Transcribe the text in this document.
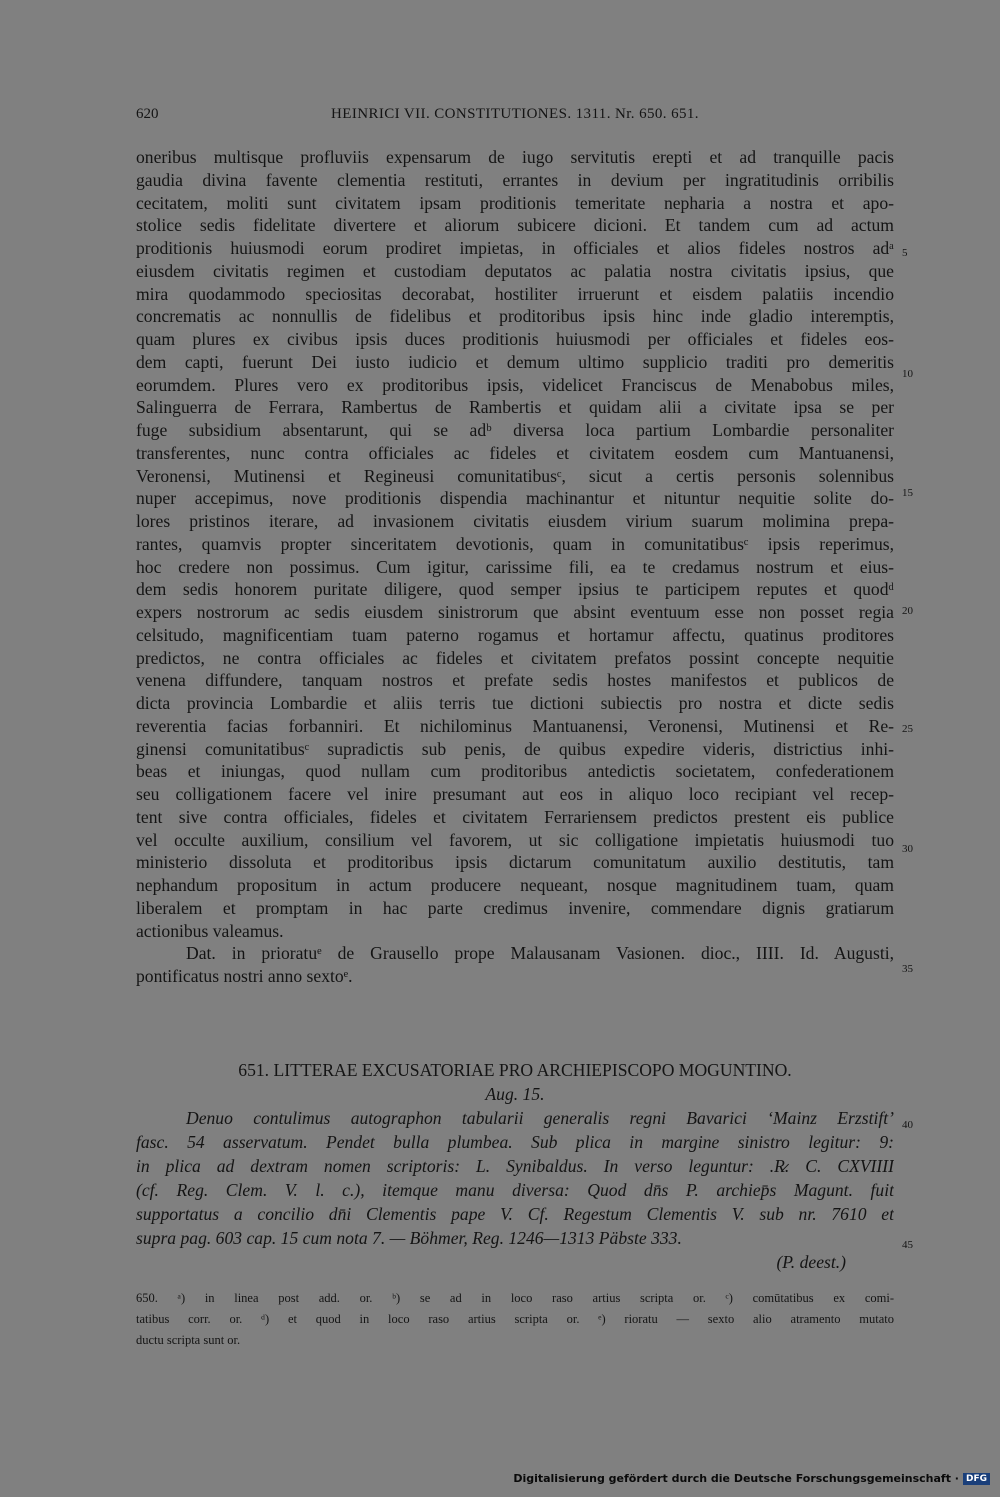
620	HEINRICI VII. CONSTITUTIONES. 1311. Nr. 650. 651.
oneribus multisque profluviis expensarum de iugo servitutis erepti et ad tranquille pacis
gaudia divina favente clementia restituti, errantes in devium per ingratitudinis orribilis
cecitatem, moliti sunt civitatem ipsam proditionis temeritate nepharia a nostra et apo-
stolice sedis fidelitate divertere et aliorum subicere dicioni. Et tandem cum ad actum
proditionis huiusmodi eorum prodiret impietas, in officiales et alios fideles nostros adᵃ
eiusdem civitatis regimen et custodiam deputatos ac palatia nostra civitatis ipsius, que
mira quodammodo speciositas decorabat, hostiliter irruerunt et eisdem palatiis incendio
concrematis ac nonnullis de fidelibus et proditoribus ipsis hinc inde gladio interemptis,
quam plures ex civibus ipsis duces proditionis huiusmodi per officiales et fideles eos-
dem capti, fuerunt Dei iusto iudicio et demum ultimo supplicio traditi pro demeritis
eorumdem. Plures vero ex proditoribus ipsis, videlicet Franciscus de Menabobus miles,
Salinguerra de Ferrara, Rambertus de Rambertis et quidam alii a civitate ipsa se per
fuge subsidium absentarunt, qui se adᵇ diversa loca partium Lombardie personaliter
transferentes, nunc contra officiales ac fideles et civitatem eosdem cum Mantuanensi,
Veronensi, Mutinensi et Regineusi comunitatibusᶜ, sicut a certis personis solennibus
nuper accepimus, nove proditionis dispendia machinantur et nituntur nequitie solite do-
lores pristinos iterare, ad invasionem civitatis eiusdem virium suarum molimina prepa-
rantes, quamvis propter sinceritatem devotionis, quam in comunitatibusᶜ ipsis reperimus,
hoc credere non possimus. Cum igitur, carissime fili, ea te credamus nostrum et eius-
dem sedis honorem puritate diligere, quod semper ipsius te participem reputes et quodᵈ
expers nostrorum ac sedis eiusdem sinistrorum que absint eventuum esse non posset regia
celsitudo, magnificentiam tuam paterno rogamus et hortamur affectu, quatinus proditores
predictos, ne contra officiales ac fideles et civitatem prefatos possint concepte nequitie
venena diffundere, tanquam nostros et prefate sedis hostes manifestos et publicos de
dicta provincia Lombardie et aliis terris tue dictioni subiectis pro nostra et dicte sedis
reverentia facias forbanniri. Et nichilominus Mantuanensi, Veronensi, Mutinensi et Re-
ginensi comunitatibusᶜ supradictis sub penis, de quibus expedire videris, districtius inhi-
beas et iniungas, quod nullam cum proditoribus antedictis societatem, confederationem
seu colligationem facere vel inire presumant aut eos in aliquo loco recipiant vel recep-
tent sive contra officiales, fideles et civitatem Ferrariensem predictos prestent eis publice
vel occulte auxilium, consilium vel favorem, ut sic colligatione impietatis huiusmodi tuo
ministerio dissoluta et proditoribus ipsis dictarum comunitatum auxilio destitutis, tam
nephandum propositum in actum producere nequeant, nosque magnitudinem tuam, quam
liberalem et promptam in hac parte credimus invenire, commendare dignis gratiarum
actionibus valeamus.
Dat. in prioratuᵉ de Grausello prope Malausanam Vasionen. dioc., IIII. Id. Augusti,
pontificatus nostri anno sextoᵉ.
5
10
15
20
25
30
35
40
45
651. LITTERAE EXCUSATORIAE PRO ARCHIEPISCOPO MOGUNTINO.
Aug. 15.
Denuo contulimus autographon tabularii generalis regni Bavarici ‘Mainz Erzstift’
fasc. 54 asservatum. Pendet bulla plumbea. Sub plica in margine sinistro legitur: 9:
in plica ad dextram nomen scriptoris: L. Synibaldus. In verso leguntur: .R̷. C. CXVIIII
(cf. Reg. Clem. V. l. c.), itemque manu diversa: Quod dn̄s P. archiep̄s Magunt. fuit
supportatus a concilio dn̄i Clementis pape V. Cf. Regestum Clementis V. sub nr. 7610 et
supra pag. 603 cap. 15 cum nota 7. — Böhmer, Reg. 1246—1313 Päbste 333.
(P. deest.)
650. ᵃ) in linea post add. or. ᵇ) se ad in loco raso artius scripta or. ᶜ) comūtatibus ex comi-
tatibus corr. or. ᵈ) et quod in loco raso artius scripta or. ᵉ) rioratu — sexto alio atramento mutato
ductu scripta sunt or.
Digitalisierung gefördert durch die Deutsche Forschungsgemeinschaft · DFG
